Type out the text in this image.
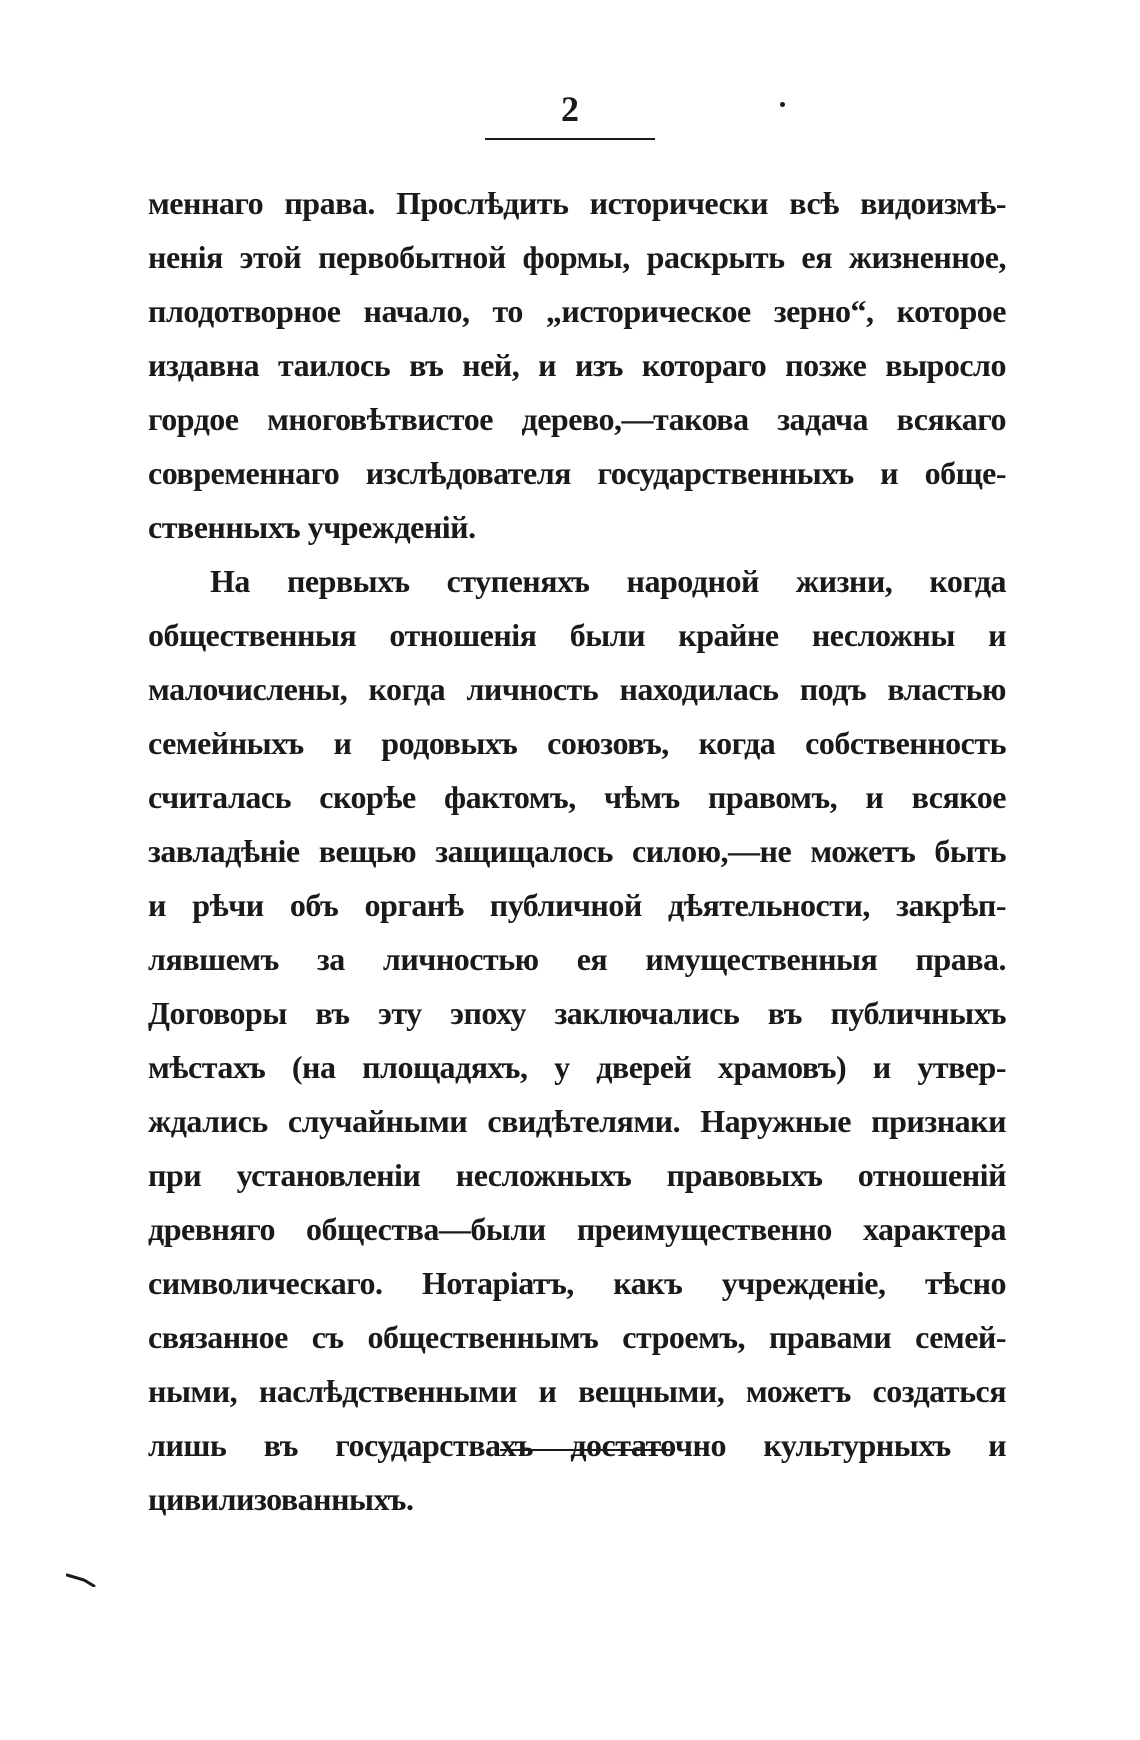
2
меннаго права. Прослѣдить исторически всѣ видоизмѣ-
ненія этой первобытной формы, раскрыть ея жизненное,
плодотворное начало, то „историческое зерно“, которое
издавна таилось въ ней, и изъ котораго позже выросло
гордое многовѣтвистое дерево,—такова задача всякаго
современнаго изслѣдователя государственныхъ и обще-
ственныхъ учрежденій.
На первыхъ ступеняхъ народной жизни, когда
общественныя отношенія были крайне несложны и
малочислены, когда личность находилась подъ властью
семейныхъ и родовыхъ союзовъ, когда собственность
считалась скорѣе фактомъ, чѣмъ правомъ, и всякое
завладѣніе вещью защищалось силою,—не можетъ быть
и рѣчи объ органѣ публичной дѣятельности, закрѣп-
лявшемъ за личностью ея имущественныя права.
Договоры въ эту эпоху заключались въ публичныхъ
мѣстахъ (на площадяхъ, у дверей храмовъ) и утвер-
ждались случайными свидѣтелями. Наружные признаки
при установленіи несложныхъ правовыхъ отношеній
древняго общества—были преимущественно характера
символическаго. Нотаріатъ, какъ учрежденіе, тѣсно
связанное съ общественнымъ строемъ, правами семей-
ными, наслѣдственными и вещными, можетъ создаться
лишь въ государствахъ достаточно культурныхъ и
цивилизованныхъ.
